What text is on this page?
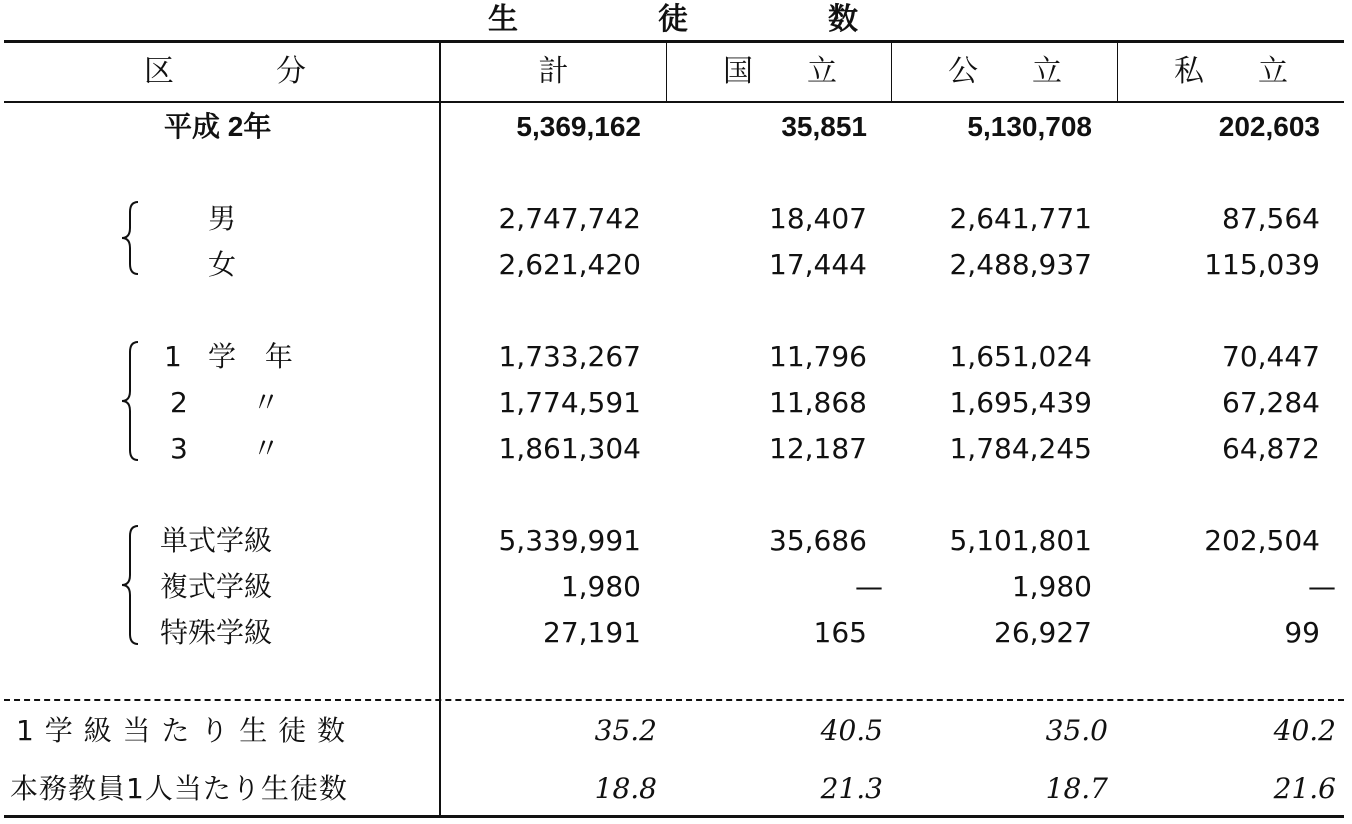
生	徒	数
区	分	計	国 立	公 立	私 立
平成 2年	5,369,162	35,851	5,130,708	202,603
男	2,747,742	18,407	2,641,771	87,564
女	2,621,420	17,444	2,488,937	115,039
1 学 年	1,733,267	11,796	1,651,024	70,447
2 〃	1,774,591	11,868	1,695,439	67,284
3 〃	1,861,304	12,187	1,784,245	64,872
単式学級	5,339,991	35,686	5,101,801	202,504
複式学級	1,980	—	1,980	—
特殊学級	27,191	165	26,927	99
1 学 級 当 た り 生 徒 数	35.2	40.5	35.0	40.2
本務教員1人当たり生徒数	18.8	21.3	18.7	21.6
